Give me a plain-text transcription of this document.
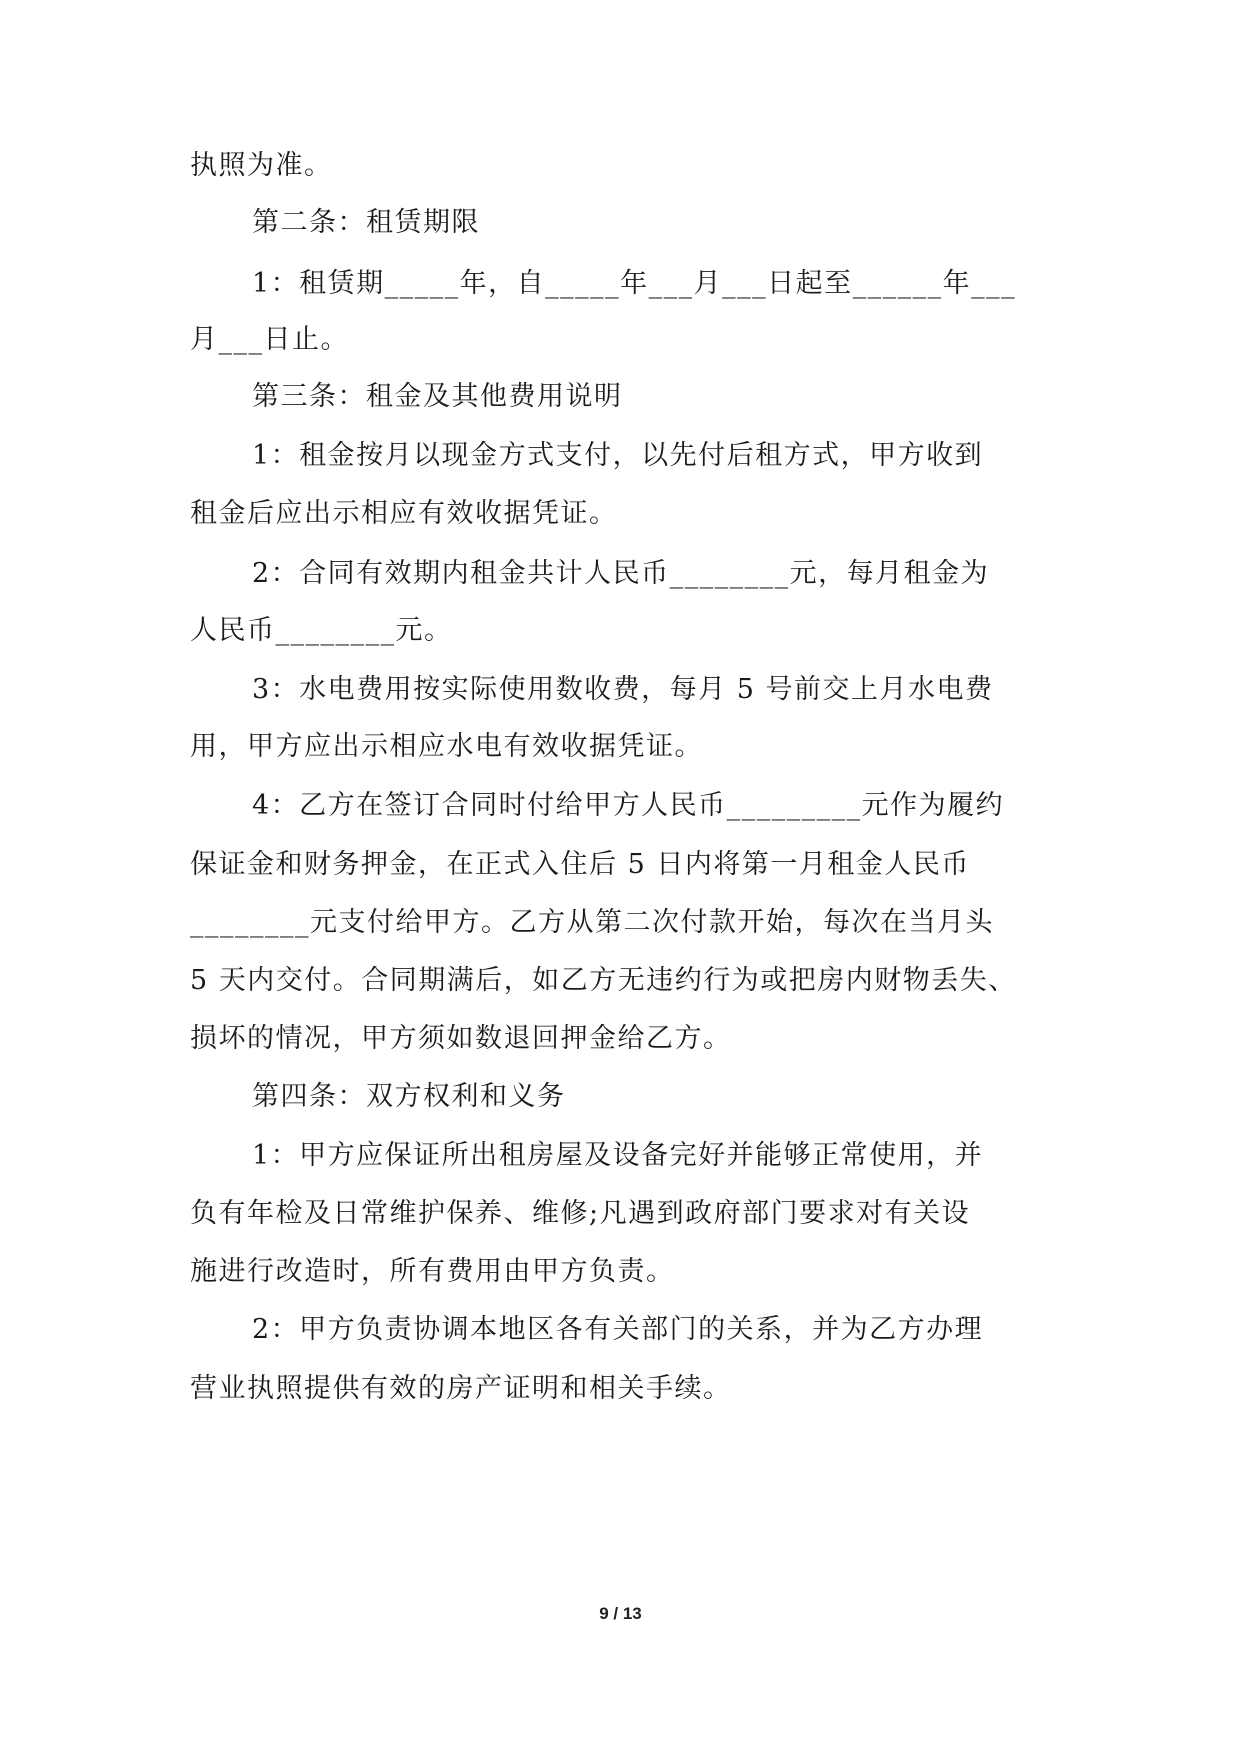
执照为准。
第二条：租赁期限
1：租赁期_____年，自_____年___月___日起至______年___
月___日止。
第三条：租金及其他费用说明
1：租金按月以现金方式支付，以先付后租方式，甲方收到
租金后应出示相应有效收据凭证。
2：合同有效期内租金共计人民币________元，每月租金为
人民币________元。
3：水电费用按实际使用数收费，每月 5 号前交上月水电费
用，甲方应出示相应水电有效收据凭证。
4：乙方在签订合同时付给甲方人民币_________元作为履约
保证金和财务押金，在正式入住后 5 日内将第一月租金人民币
________元支付给甲方。乙方从第二次付款开始，每次在当月头
5 天内交付。合同期满后，如乙方无违约行为或把房内财物丢失、
损坏的情况，甲方须如数退回押金给乙方。
第四条：双方权利和义务
1：甲方应保证所出租房屋及设备完好并能够正常使用，并
负有年检及日常维护保养、维修;凡遇到政府部门要求对有关设
施进行改造时，所有费用由甲方负责。
2：甲方负责协调本地区各有关部门的关系，并为乙方办理
营业执照提供有效的房产证明和相关手续。
9 / 13
